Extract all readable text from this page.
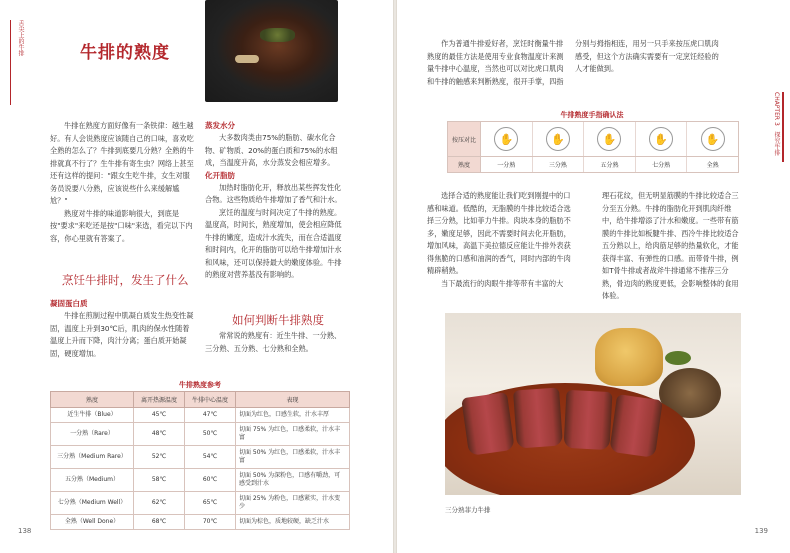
舌尖上的牛排	牛排的熟度

牛排在熟度方面好像有一条铁律：越生越好。有人会说熟度应该随自己的口味，喜欢吃全熟的怎么了？牛排到底要几分熟？全熟的牛排就真不行了？生牛排有寄生虫？网络上甚至还有这样的提问："跟女生吃牛排，女生对服务员说要八分熟，应该说些什么来缓解尴尬？"

熟度对牛排的味道影响很大，到底是按"要求"来吃还是按"口味"来选，看完以下内容，你心里就有答案了。

蒸发水分

大多数肉类由75%的脂肪、碳水化合物、矿物质、20%的蛋白质和75%的水组成，当温度升高，水分蒸发会相应增多。

化开脂肪

加热时脂肪化开，释放出某些挥发性化合物。这些物质给牛排增加了香气和汁水。

烹饪的温度与时间决定了牛排的熟度。温度高，时间长，熟度增加，使会相应降低牛排的嫩度，造成汁水流失，而在合适温度和时间内，化开的脂肪可以给牛排增加汁水和风味，还可以保持最大的嫩度体验。牛排的熟度对营养基没有影响的。

烹饪牛排时，发生了什么
凝固蛋白质

牛排在煎制过程中肌凝白质发生热变性凝固，温度上升到30℃后，肌肉的保水性随着温度上升而下降，肉汁分离；蛋白质开始凝固，硬度增加。

如何判断牛排熟度

常常说的熟度有：近生牛排、一分熟、三分熟、五分熟、七分熟和全熟。

牛排熟度参考
熟度	离开热源温度	牛排中心温度	表现
近生牛排（Blue）	45℃	47℃	切面为红色，口感生软，汁水丰厚
一分熟（Rare）	48℃	50℃	切面 75% 为红色，口感柔软，汁水丰富
三分熟（Medium Rare）	52℃	54℃	切面 50% 为红色，口感柔软，汁水丰富
五分熟（Medium）	58℃	60℃	切面 50% 为深粉色，口感有嚼劲，可感受到汁水
七分熟（Medium Well）	62℃	65℃	切面 25% 为粉色，口感紧实，汁水变少
全熟（Well Done）	68℃	70℃	切面为棕色，质地较硬，缺乏汁水
138

作为普通牛排爱好者，烹饪时衡量牛排熟度的最佳方法是使用专业食物温度计来测量牛排中心温度，当然也可以对比虎口肌肉和牛排的触感来判断熟度，很开手掌，四指

分别与拇指相连，用另一只手来按压虎口肌肉感受，但这个方法确实需要有一定烹饪经验的人才能做到。

CHAPTER 3　探究牛排
牛排熟度手指确认法
按压对比	✋	✋	✋	✋	✋
熟度	一分熟	三分熟	五分熟	七分熟	全熟

选择合适的熟度能让我们吃到刚提中的口感和味道。低酷的，无脂膜的牛排比较适合选择三分熟，比如菲力牛排。肉块本身的脂肪不多，嫩度足够，因此不需要时间去化开脂肪，增加风味，高温下美拉德反应能让牛排外表获得焦脆的口感和油润的香气，同时内部的牛肉精辟稍熟。

当下最流行的肉眼牛排等带有丰富的大

理石花纹，但无明显筋膜的牛排比较适合三分至五分熟。牛排的脂肪化开到肌肉纤维中，给牛排增添了汁水和嫩度。一些带有筋膜的牛排比如板腱牛排、西冷牛排比较适合五分熟以上，给肉筋足够的热量软化，才能获得丰富、有弹性的口感。而带骨牛排，例如T骨牛排或者战斧牛排通常不推荐三分熟，骨边肉的熟度更低，会影响整体的食用体验。

三分熟菲力牛排
139
